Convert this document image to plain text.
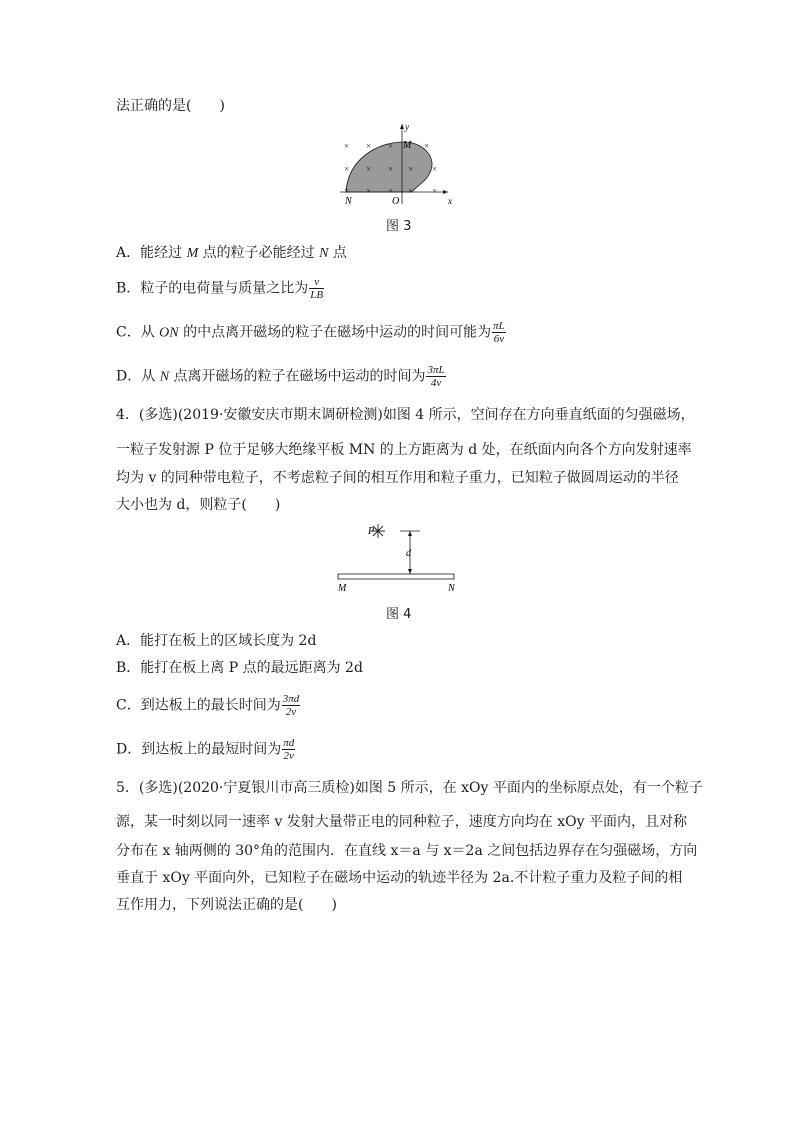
法正确的是(　　)
× × ×	×
× × × × ×
× × × × ×
y
M
N	O	x
图 3
A．能经过 M 点的粒子必能经过 N 点
B．粒子的电荷量与质量之比为 $\frac{v}{LB}$
C．从 ON 的中点离开磁场的粒子在磁场中运动的时间可能为 $\frac{\pi L}{6v}$
D．从 N 点离开磁场的粒子在磁场中运动的时间为 $\frac{3\pi L}{4v}$
4．(多选)(2019·安徽安庆市期末调研检测)如图 4 所示，空间存在方向垂直纸面的匀强磁场，
一粒子发射源 P 位于足够大绝缘平板 MN 的上方距离为 d 处，在纸面内向各个方向发射速率
均为 v 的同种带电粒子，不考虑粒子间的相互作用和粒子重力，已知粒子做圆周运动的半径
大小也为 d，则粒子(　　)
P
d
M	N
图 4
A．能打在板上的区域长度为 2d
B．能打在板上离 P 点的最远距离为 2d
C．到达板上的最长时间为 $\frac{3\pi d}{2v}$
D．到达板上的最短时间为 $\frac{\pi d}{2v}$
5．(多选)(2020·宁夏银川市高三质检)如图 5 所示，在 xOy 平面内的坐标原点处，有一个粒子
源，某一时刻以同一速率 v 发射大量带正电的同种粒子，速度方向均在 xOy 平面内，且对称
分布在 x 轴两侧的 30°角的范围内．在直线 x＝a 与 x＝2a 之间包括边界存在匀强磁场，方向
垂直于 xOy 平面向外，已知粒子在磁场中运动的轨迹半径为 2a.不计粒子重力及粒子间的相
互作用力，下列说法正确的是(　　)
